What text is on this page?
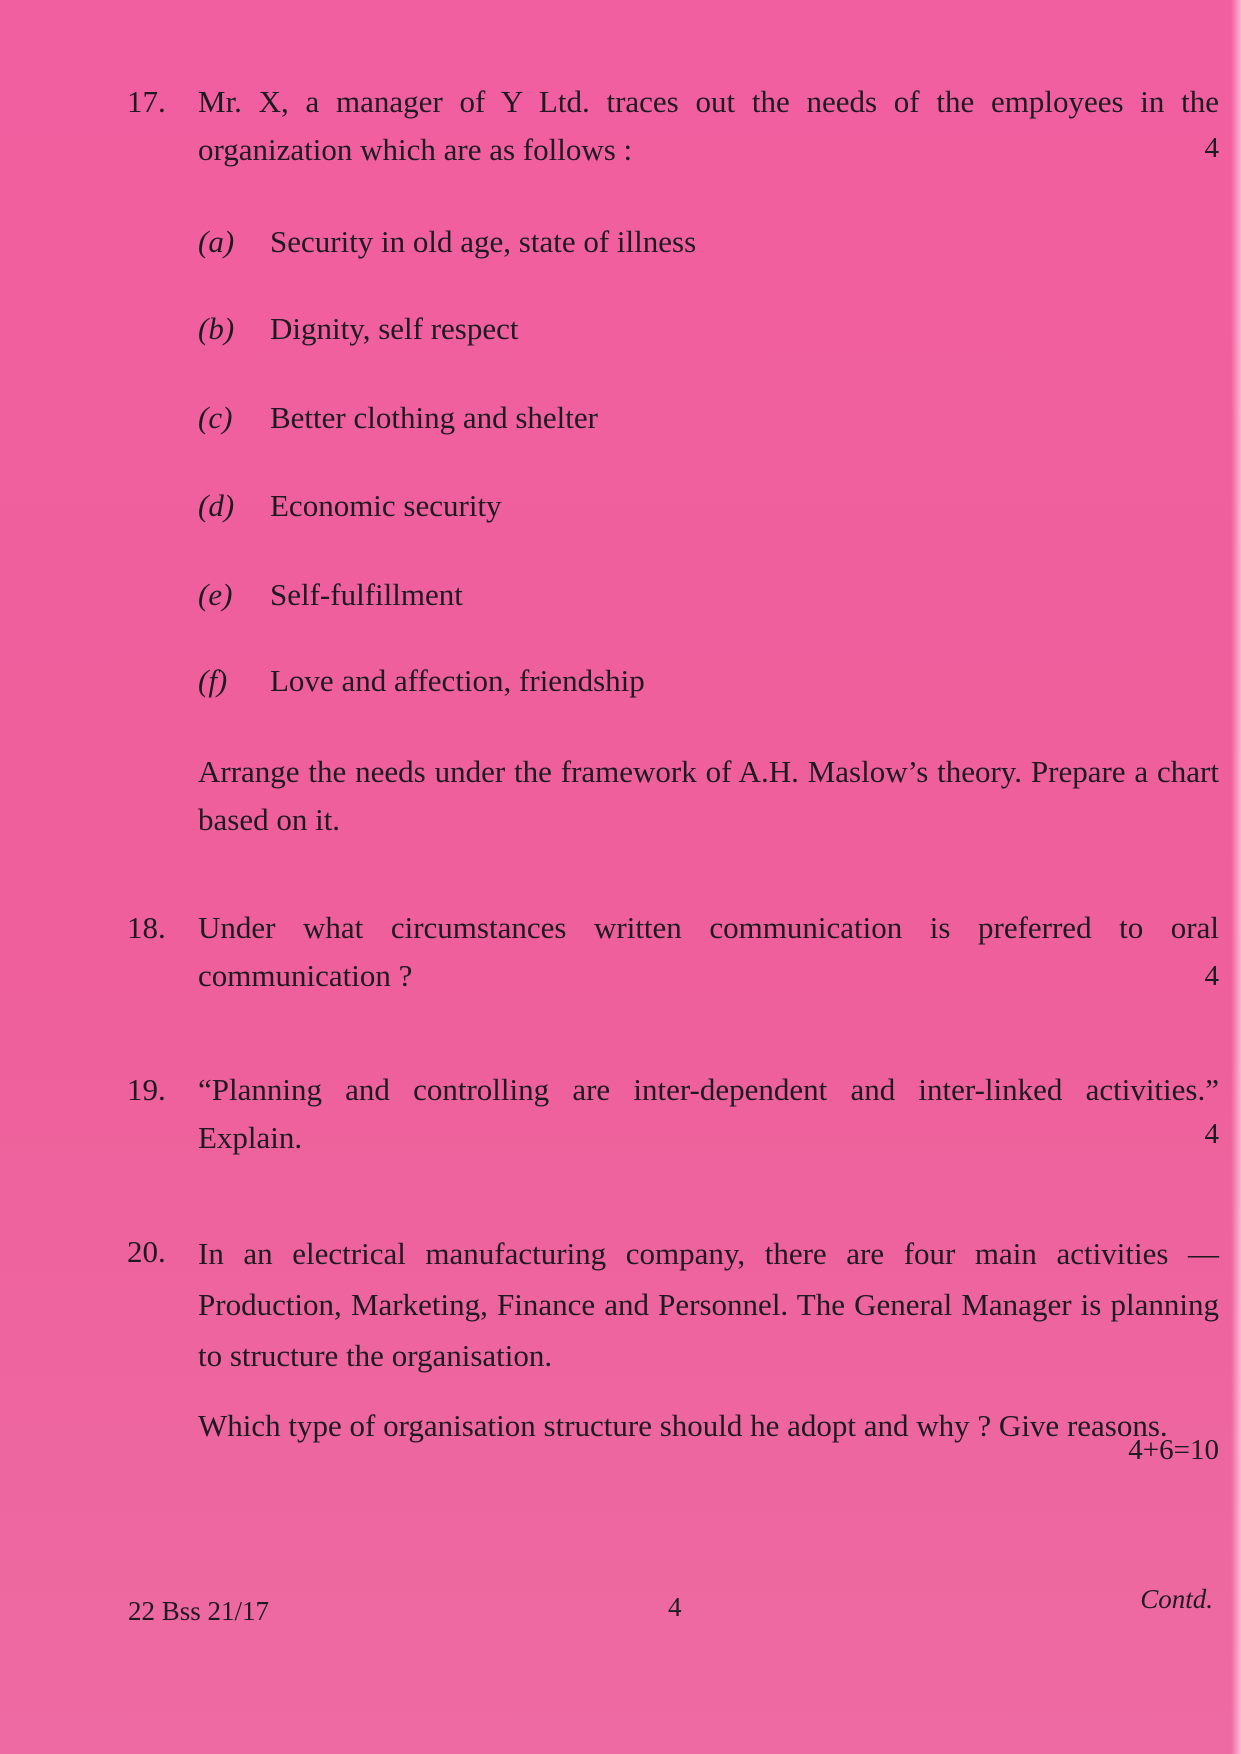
17. Mr. X, a manager of Y Ltd. traces out the needs of the employees in the organization which are as follows :	4
(a) Security in old age, state of illness
(b) Dignity, self respect
(c) Better clothing and shelter
(d) Economic security
(e) Self-fulfillment
(f) Love and affection, friendship
Arrange the needs under the framework of A.H. Maslow’s theory. Prepare a chart based on it.
18. Under what circumstances written communication is preferred to oral communication ?	4
19. “Planning and controlling are inter-dependent and inter-linked activities.” Explain.	4
20. In an electrical manufacturing company, there are four main activities — Production, Marketing, Finance and Personnel. The General Manager is planning to structure the organisation.
Which type of organisation structure should he adopt and why ? Give reasons.
4+6=10
22 Bss 21/17	4	Contd.
